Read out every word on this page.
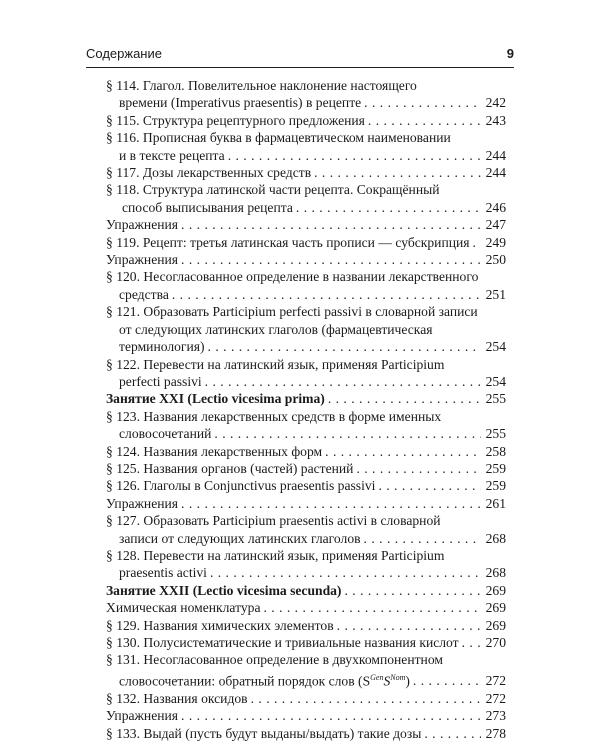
Содержание	9
§ 114. Глагол. Повелительное наклонение настоящего
времени (Imperativus praesentis) в рецепте . . .	242
§ 115. Структура рецептурного предложения . . .	243
§ 116. Прописная буква в фармацевтическом наименовании
и в тексте рецепта . . .	244
§ 117. Дозы лекарственных средств . . .	244
§ 118. Структура латинской части рецепта. Сокращённый
способ выписывания рецепта . . .	246
Упражнения . . .	247
§ 119. Рецепт: третья латинская часть прописи — субскрипция . . . 249
Упражнения . . .	250
§ 120. Несогласованное определение в названии лекарственного
средства . . .	251
§ 121. Образовать Participium perfecti passivi в словарной записи
от следующих латинских глаголов (фармацевтическая
терминология) . . .	254
§ 122. Перевести на латинский язык, применяя Participium
perfecti passivi . . .	254
Занятие XXI (Lectio vicesima prima) . . .	255
§ 123. Названия лекарственных средств в форме именных
словосочетаний . . .	255
§ 124. Названия лекарственных форм . . .	258
§ 125. Названия органов (частей) растений . . .	259
§ 126. Глаголы в Conjunctivus praesentis passivi . . .	259
Упражнения . . .	261
§ 127. Образовать Participium praesentis activi в словарной
записи от следующих латинских глаголов . . .	268
§ 128. Перевести на латинский язык, применяя Participium
praesentis activi . . .	268
Занятие XXII (Lectio vicesima secunda) . . .	269
Химическая номенклатура . . .	269
§ 129. Названия химических элементов . . .	269
§ 130. Полусистематические и тривиальные названия кислот . . . 270
§ 131. Несогласованное определение в двухкомпонентном
словосочетании: обратный порядок слов $(S^{Gen}S^{Nom})$ . . .	272
§ 132. Названия оксидов . . .	272
Упражнения . . .	273
§ 133. Выдай (пусть будут выданы/выдать) такие дозы . . .	278
